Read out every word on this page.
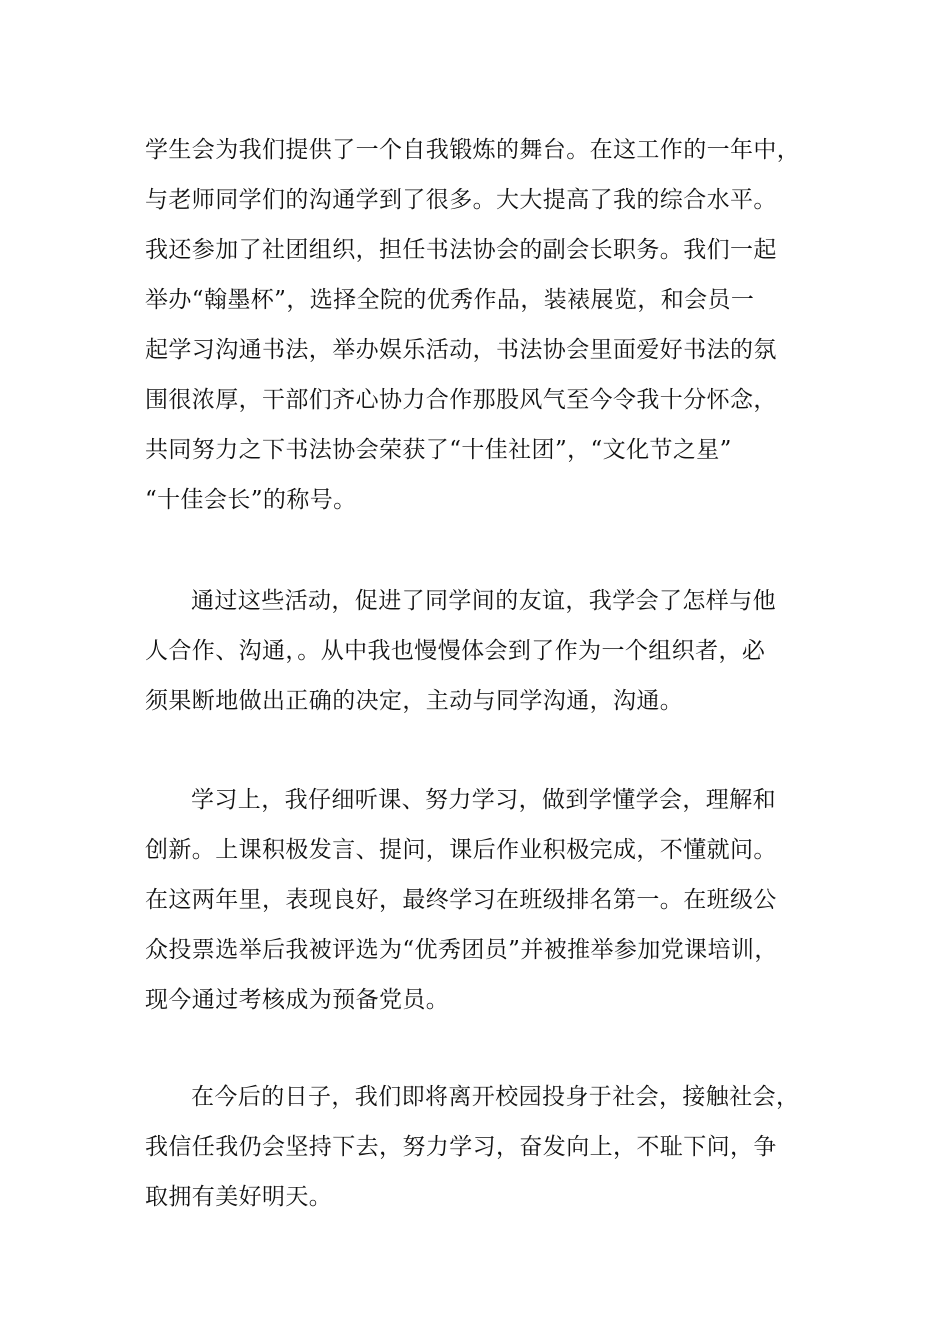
学生会为我们提供了一个自我锻炼的舞台。在这工作的一年中，
与老师同学们的沟通学到了很多。大大提高了我的综合水平。
我还参加了社团组织，担任书法协会的副会长职务。我们一起
举办“翰墨杯”，选择全院的优秀作品，装裱展览，和会员一
起学习沟通书法，举办娱乐活动，书法协会里面爱好书法的氛
围很浓厚，干部们齐心协力合作那股风气至今令我十分怀念，
共同努力之下书法协会荣获了“十佳社团”，“文化节之星”
“十佳会长”的称号。
通过这些活动，促进了同学间的友谊，我学会了怎样与他
人合作、沟通，。从中我也慢慢体会到了作为一个组织者，必
须果断地做出正确的决定，主动与同学沟通，沟通。
学习上，我仔细听课、努力学习，做到学懂学会，理解和
创新。上课积极发言、提问，课后作业积极完成，不懂就问。
在这两年里，表现良好，最终学习在班级排名第一。在班级公
众投票选举后我被评选为“优秀团员”并被推举参加党课培训，
现今通过考核成为预备党员。
在今后的日子，我们即将离开校园投身于社会，接触社会，
我信任我仍会坚持下去，努力学习，奋发向上，不耻下问，争
取拥有美好明天。
